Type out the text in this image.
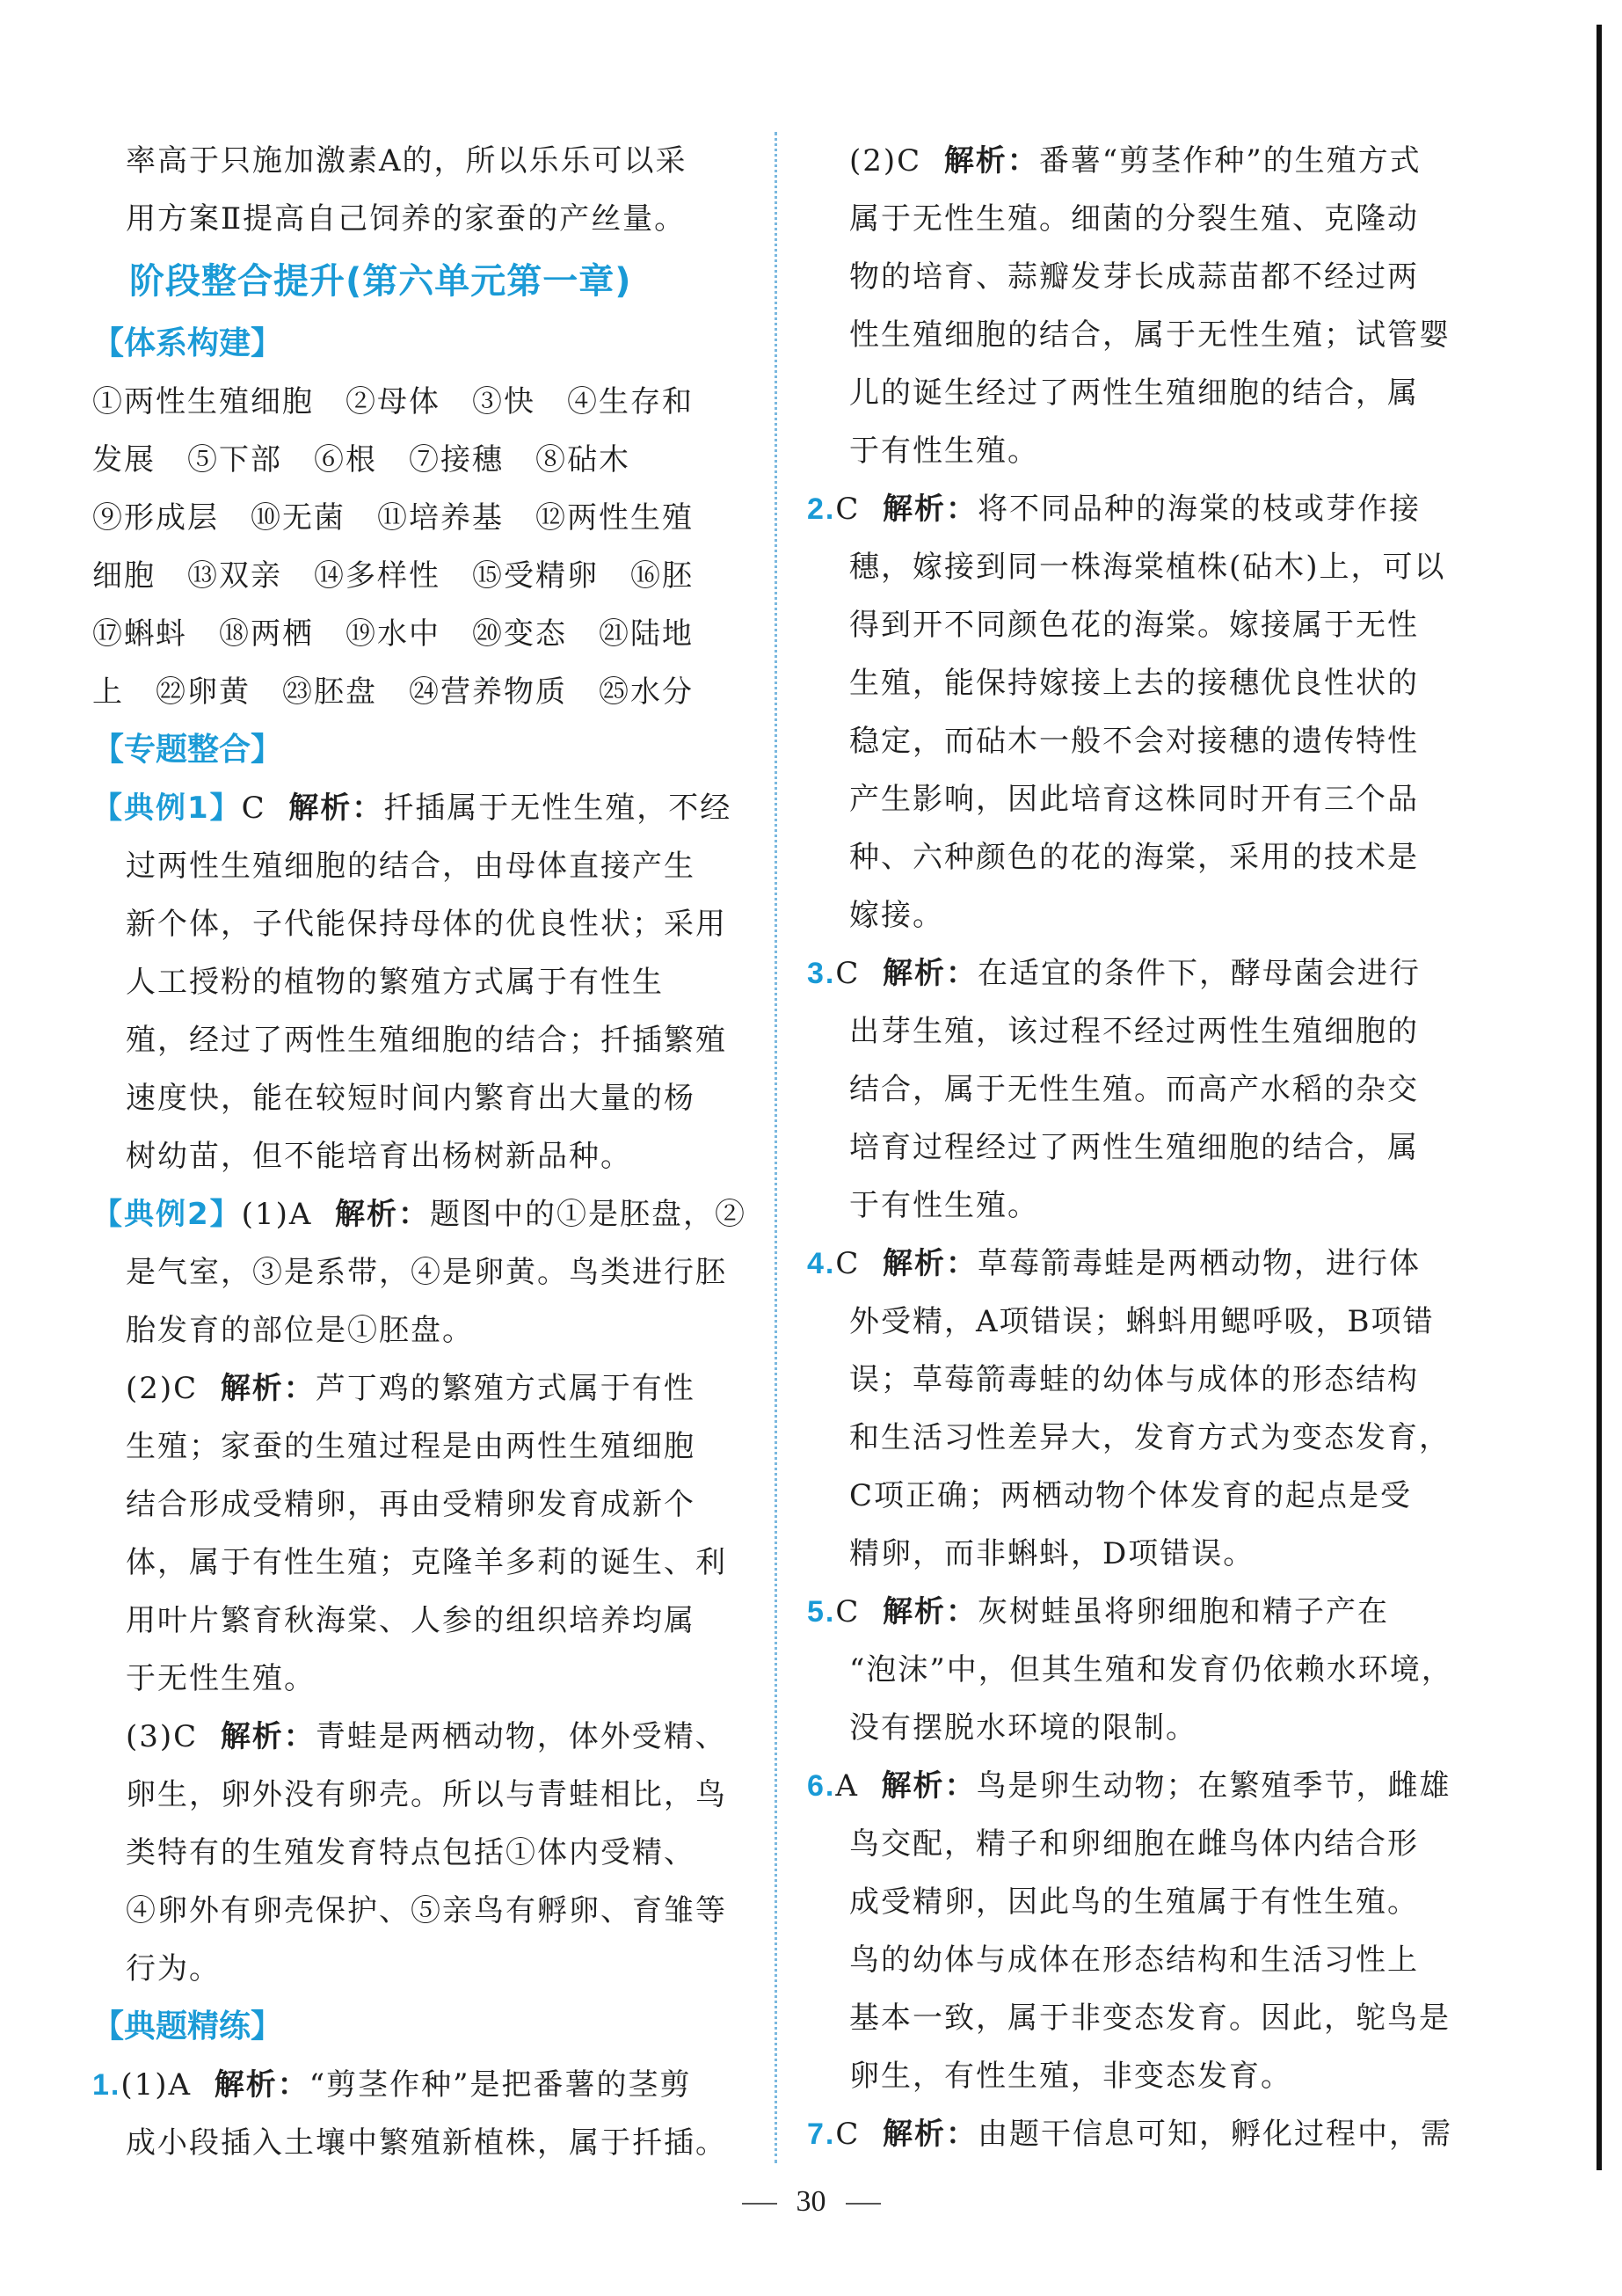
率高于只施加激素A的，所以乐乐可以采
用方案Ⅱ提高自己饲养的家蚕的产丝量。
阶段整合提升(第六单元第一章)
【体系构建】
①两性生殖细胞　②母体　③快　④生存和
发展　⑤下部　⑥根　⑦接穗　⑧砧木
⑨形成层　⑩无菌　⑪培养基　⑫两性生殖
细胞　⑬双亲　⑭多样性　⑮受精卵　⑯胚
⑰蝌蚪　⑱两栖　⑲水中　⑳变态　㉑陆地
上　㉒卵黄　㉓胚盘　㉔营养物质　㉕水分
【专题整合】
【典例1】C 解析：扦插属于无性生殖，不经
过两性生殖细胞的结合，由母体直接产生
新个体，子代能保持母体的优良性状；采用
人工授粉的植物的繁殖方式属于有性生
殖，经过了两性生殖细胞的结合；扦插繁殖
速度快，能在较短时间内繁育出大量的杨
树幼苗，但不能培育出杨树新品种。
【典例2】(1)A 解析：题图中的①是胚盘，②
是气室，③是系带，④是卵黄。鸟类进行胚
胎发育的部位是①胚盘。
(2)C 解析：芦丁鸡的繁殖方式属于有性
生殖；家蚕的生殖过程是由两性生殖细胞
结合形成受精卵，再由受精卵发育成新个
体，属于有性生殖；克隆羊多莉的诞生、利
用叶片繁育秋海棠、人参的组织培养均属
于无性生殖。
(3)C 解析：青蛙是两栖动物，体外受精、
卵生，卵外没有卵壳。所以与青蛙相比，鸟
类特有的生殖发育特点包括①体内受精、
④卵外有卵壳保护、⑤亲鸟有孵卵、育雏等
行为。
【典题精练】
1.(1)A 解析：“剪茎作种”是把番薯的茎剪
成小段插入土壤中繁殖新植株，属于扦插。
(2)C 解析：番薯“剪茎作种”的生殖方式
属于无性生殖。细菌的分裂生殖、克隆动
物的培育、蒜瓣发芽长成蒜苗都不经过两
性生殖细胞的结合，属于无性生殖；试管婴
儿的诞生经过了两性生殖细胞的结合，属
于有性生殖。
2.C 解析：将不同品种的海棠的枝或芽作接
穗，嫁接到同一株海棠植株(砧木)上，可以
得到开不同颜色花的海棠。嫁接属于无性
生殖，能保持嫁接上去的接穗优良性状的
稳定，而砧木一般不会对接穗的遗传特性
产生影响，因此培育这株同时开有三个品
种、六种颜色的花的海棠，采用的技术是
嫁接。
3.C 解析：在适宜的条件下，酵母菌会进行
出芽生殖，该过程不经过两性生殖细胞的
结合，属于无性生殖。而高产水稻的杂交
培育过程经过了两性生殖细胞的结合，属
于有性生殖。
4.C 解析：草莓箭毒蛙是两栖动物，进行体
外受精，A项错误；蝌蚪用鳃呼吸，B项错
误；草莓箭毒蛙的幼体与成体的形态结构
和生活习性差异大，发育方式为变态发育，
C项正确；两栖动物个体发育的起点是受
精卵，而非蝌蚪，D项错误。
5.C 解析：灰树蛙虽将卵细胞和精子产在
“泡沫”中，但其生殖和发育仍依赖水环境，
没有摆脱水环境的限制。
6.A 解析：鸟是卵生动物；在繁殖季节，雌雄
鸟交配，精子和卵细胞在雌鸟体内结合形
成受精卵，因此鸟的生殖属于有性生殖。
鸟的幼体与成体在形态结构和生活习性上
基本一致，属于非变态发育。因此，鸵鸟是
卵生，有性生殖，非变态发育。
7.C 解析：由题干信息可知，孵化过程中，需
30
